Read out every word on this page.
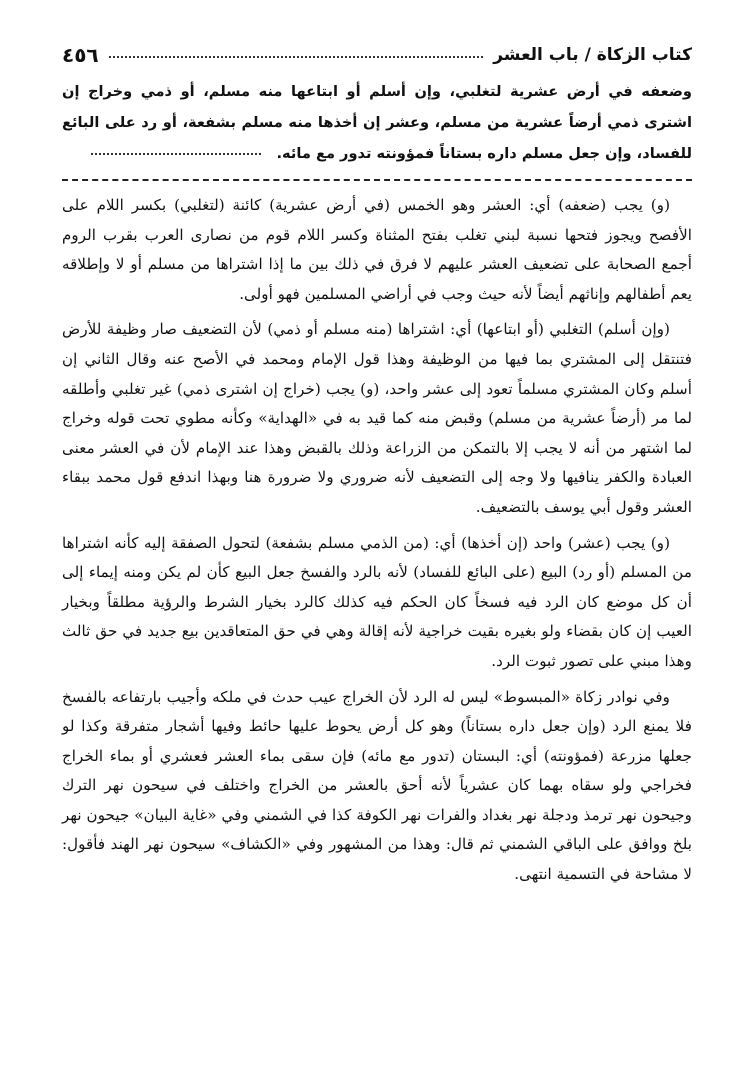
كتاب الزكاة / باب العشر
٤٥٦
وضعفه في أرض عشرية لتغلبي، وإن أسلم أو ابتاعها منه مسلم، أو ذمي وخراج إن اشترى ذمي أرضاً عشرية من مسلم، وعشر إن أخذها منه مسلم بشفعة، أو رد على البائع للفساد، وإن جعل مسلم داره بستاناً فمؤونته تدور مع مائه.

(و) يجب (ضعفه) أي: العشر وهو الخمس (في أرض عشرية) كائنة (لتغلبي) بكسر اللام على الأفصح ويجوز فتحها نسبة لبني تغلب بفتح المثناة وكسر اللام قوم من نصارى العرب بقرب الروم أجمع الصحابة على تضعيف العشر عليهم لا فرق في ذلك بين ما إذا اشتراها من مسلم أو لا وإطلاقه يعم أطفالهم وإناثهم أيضاً لأنه حيث وجب في أراضي المسلمين فهو أولى.

(وإن أسلم) التغلبي (أو ابتاعها) أي: اشتراها (منه مسلم أو ذمي) لأن التضعيف صار وظيفة للأرض فتنتقل إلى المشتري بما فيها من الوظيفة وهذا قول الإمام ومحمد في الأصح عنه وقال الثاني إن أسلم وكان المشتري مسلماً تعود إلى عشر واحد، (و) يجب (خراج إن اشترى ذمي) غير تغلبي وأطلقه لما مر (أرضاً عشرية من مسلم) وقبض منه كما قيد به في «الهداية» وكأنه مطوي تحت قوله وخراج لما اشتهر من أنه لا يجب إلا بالتمكن من الزراعة وذلك بالقبض وهذا عند الإمام لأن في العشر معنى العبادة والكفر ينافيها ولا وجه إلى التضعيف لأنه ضروري ولا ضرورة هنا وبهذا اندفع قول محمد ببقاء العشر وقول أبي يوسف بالتضعيف.

(و) يجب (عشر) واحد (إن أخذها) أي: (من الذمي مسلم بشفعة) لتحول الصفقة إليه كأنه اشتراها من المسلم (أو رد) البيع (على البائع للفساد) لأنه بالرد والفسخ جعل البيع كأن لم يكن ومنه إيماء إلى أن كل موضع كان الرد فيه فسخاً كان الحكم فيه كذلك كالرد بخيار الشرط والرؤية مطلقاً وبخيار العيب إن كان بقضاء ولو بغيره بقيت خراجية لأنه إقالة وهي في حق المتعاقدين بيع جديد في حق ثالث وهذا مبني على تصور ثبوت الرد.

وفي نوادر زكاة «المبسوط» ليس له الرد لأن الخراج عيب حدث في ملكه وأجيب بارتفاعه بالفسخ فلا يمنع الرد (وإن جعل داره بستاناً) وهو كل أرض يحوط عليها حائط وفيها أشجار متفرقة وكذا لو جعلها مزرعة (فمؤونته) أي: البستان (تدور مع مائه) فإن سقى بماء العشر فعشري أو بماء الخراج فخراجي ولو سقاه بهما كان عشرياً لأنه أحق بالعشر من الخراج واختلف في سيحون نهر الترك وجيحون نهر ترمذ ودجلة نهر بغداد والفرات نهر الكوفة كذا في الشمني وفي «غاية البيان» جيحون نهر بلخ ووافق على الباقي الشمني ثم قال: وهذا من المشهور وفي «الكشاف» سيحون نهر الهند فأقول: لا مشاحة في التسمية انتهى.
